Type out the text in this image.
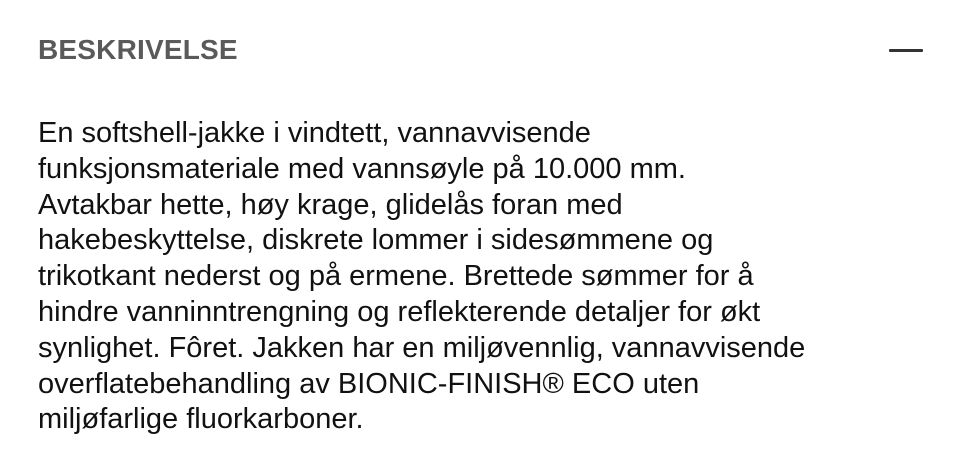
BESKRIVELSE

En softshell-jakke i vindtett, vannavvisende
funksjonsmateriale med vannsøyle på 10.000 mm.
Avtakbar hette, høy krage, glidelås foran med
hakebeskyttelse, diskrete lommer i sidesømmene og
trikotkant nederst og på ermene. Brettede sømmer for å
hindre vanninntrengning og reflekterende detaljer for økt
synlighet. Fôret. Jakken har en miljøvennlig, vannavvisende
overflatebehandling av BIONIC-FINISH® ECO uten
miljøfarlige fluorkarboner.
